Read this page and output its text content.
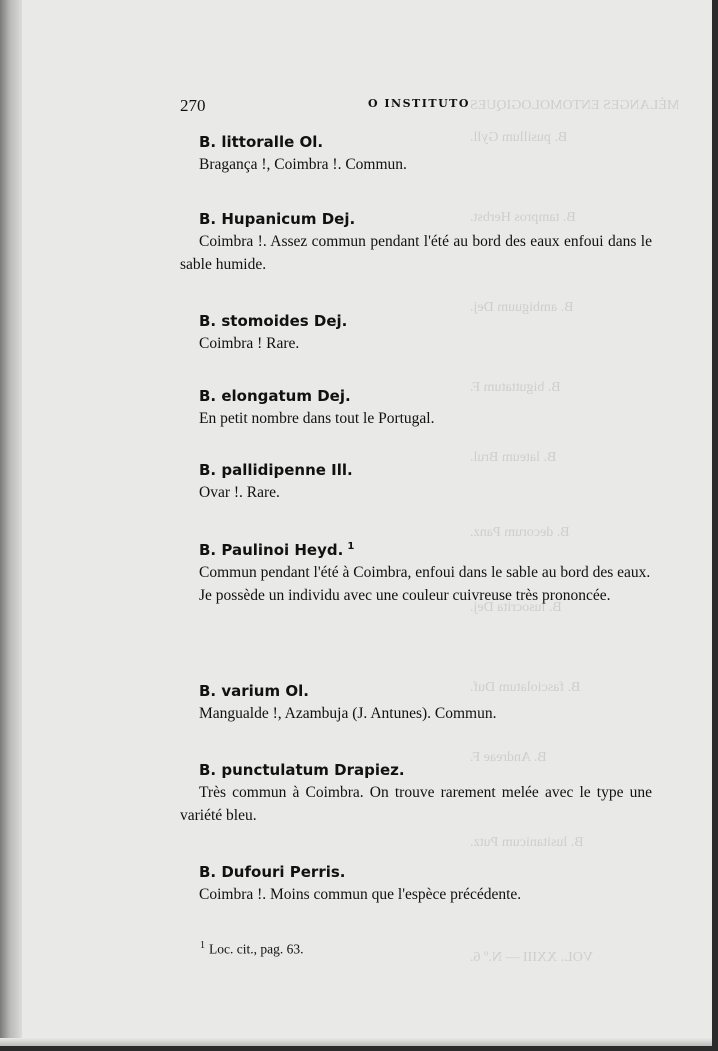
MÉLANGES ENTOMOLOGIQUES
B. pusillum Gyll.
B. tampros Herbst.
B. ambiguum Dej.
B. biguttatum F.
B. lateum Brul.
B. decorum Panz.
B. lusocrita Dej.
B. fasciolatum Duf.
B. Andreae F.
B. lusitanicum Putz.
VOL. XXIII — N.º 6.
270	O INSTITUTO
B. littoralle Ol.
Bragança !, Coimbra !. Commun.
B. Hupanicum Dej.
Coimbra !. Assez commun pendant l'été au bord des eaux enfoui dans le sable humide.
B. stomoides Dej.
Coimbra ! Rare.
B. elongatum Dej.
En petit nombre dans tout le Portugal.
B. pallidipenne Ill.
Ovar !. Rare.
B. Paulinoi Heyd. $^1$
Commun pendant l'été à Coimbra, enfoui dans le sable au bord des eaux.
Je possède un individu avec une couleur cuivreuse très prononcée.
B. varium Ol.
Mangualde !, Azambuja (J. Antunes). Commun.
B. punctulatum Drapiez.
Très commun à Coimbra. On trouve rarement melée avec le type une variété bleu.
B. Dufouri Perris.
Coimbra !. Moins commun que l'espèce précédente.
$^1$ Loc. cit., pag. 63.
